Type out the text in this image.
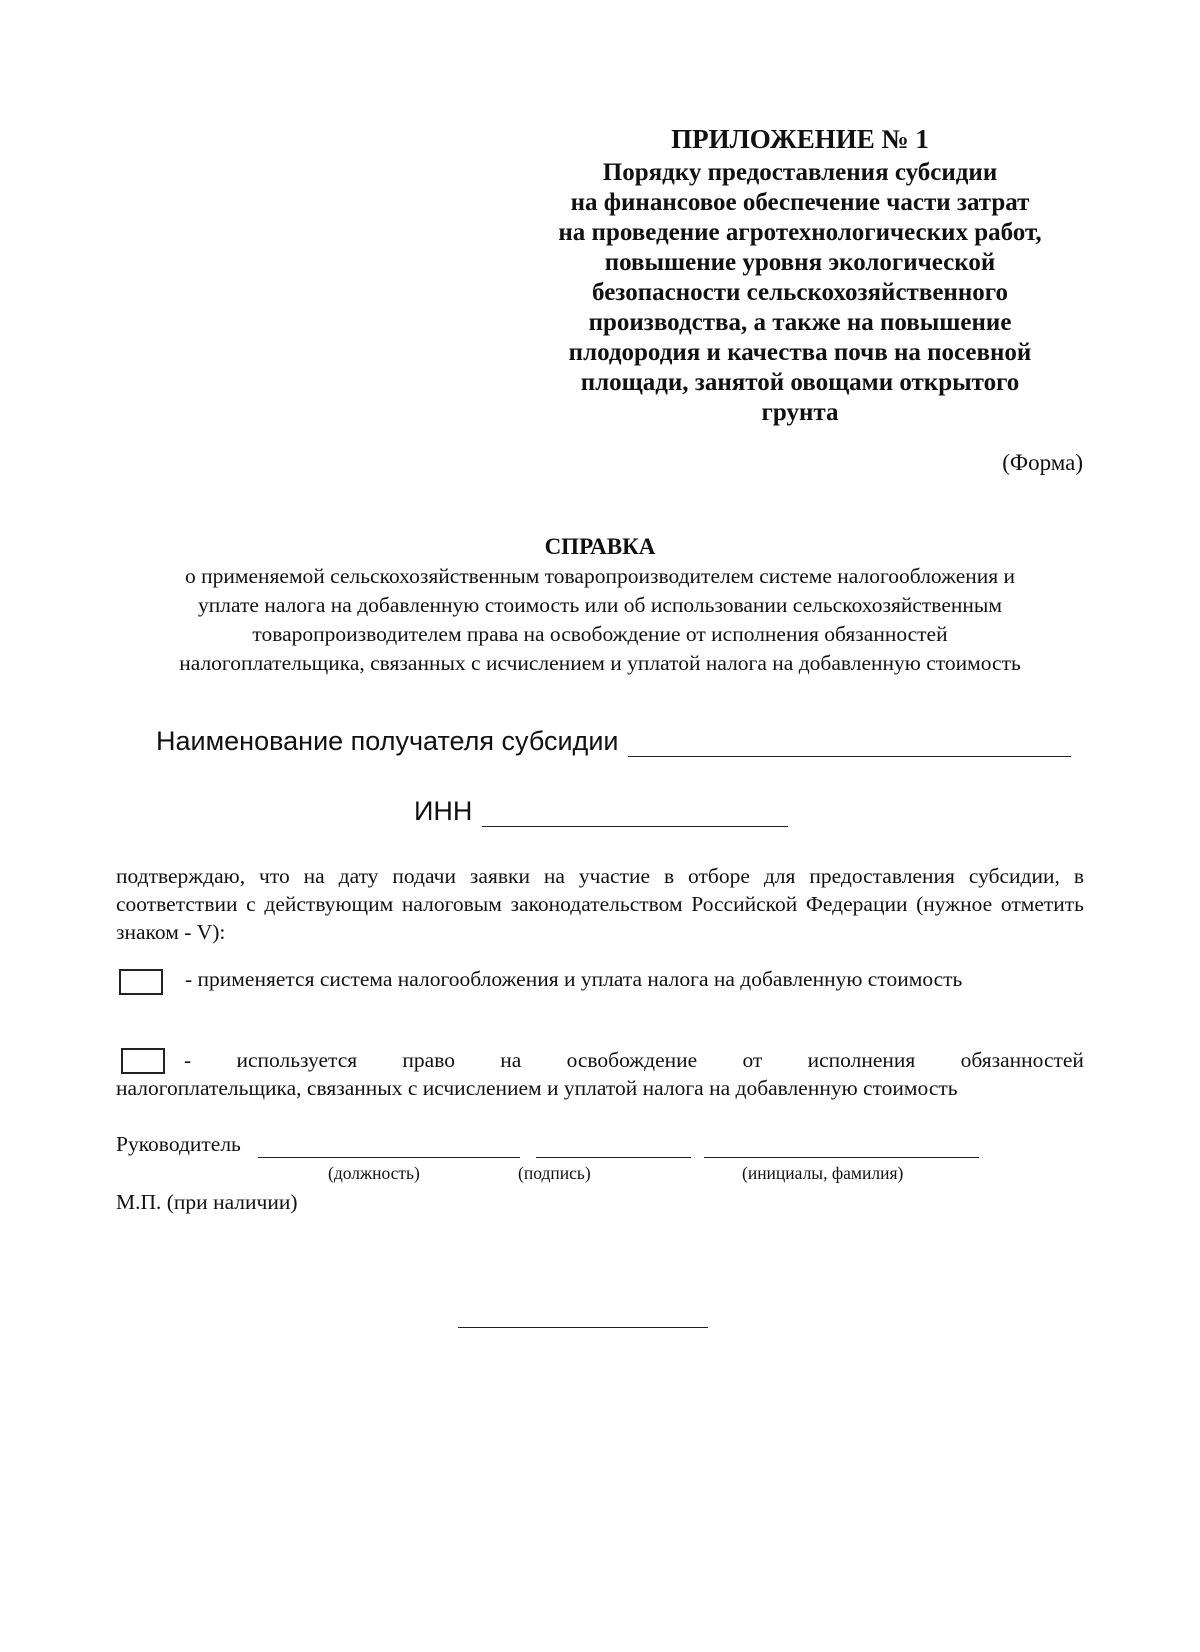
ПРИЛОЖЕНИЕ № 1
Порядку предоставления субсидии
на финансовое обеспечение части затрат
на проведение агротехнологических работ,
повышение уровня экологической
безопасности сельскохозяйственного
производства, а также на повышение
плодородия и качества почв на посевной
площади, занятой овощами открытого
грунта
(Форма)
СПРАВКА
о применяемой сельскохозяйственным товаропроизводителем системе налогообложения и
уплате налога на добавленную стоимость или об использовании сельскохозяйственным
товаропроизводителем права на освобождение от исполнения обязанностей
налогоплательщика, связанных с исчислением и уплатой налога на добавленную стоимость
Наименование получателя субсидии
ИНН
подтверждаю, что на дату подачи заявки на участие в отборе для предоставления субсидии, в соответствии с действующим налоговым законодательством Российской Федерации (нужное отметить знаком - V):
- применяется система налогообложения и уплата налога на добавленную стоимость
- используется право на освобождение от исполнения обязанностей
налогоплательщика, связанных с исчислением и уплатой налога на добавленную стоимость
Руководитель
(должность)	(подпись)	(инициалы, фамилия)
М.П. (при наличии)
